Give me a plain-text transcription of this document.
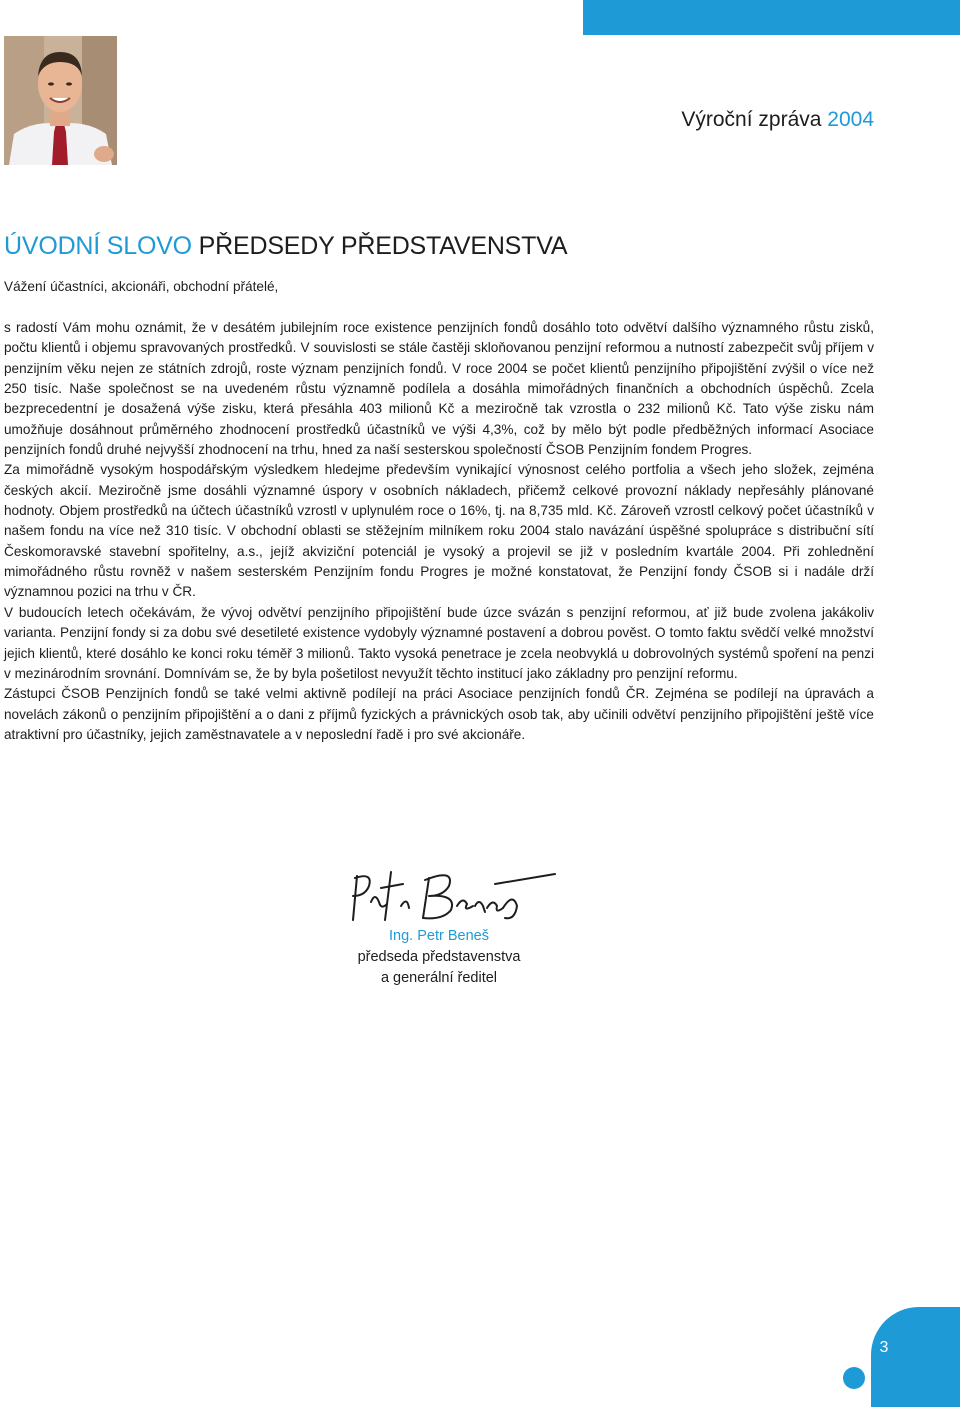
Výroční zpráva 2004
ÚVODNÍ SLOVO PŘEDSEDY PŘEDSTAVENSTVA
Vážení účastníci, akcionáři, obchodní přátelé,

s radostí Vám mohu oznámit, že v desátém jubilejním roce existence penzijních fondů dosáhlo toto odvětví dalšího významného růstu zisků, počtu klientů i objemu spravovaných prostředků. V souvislosti se stále častěji skloňovanou penzijní reformou a nutností zabezpečit svůj příjem v penzijním věku nejen ze státních zdrojů, roste význam penzijních fondů. V roce 2004 se počet klientů penzijního připojištění zvýšil o více než 250 tisíc. Naše společnost se na uvedeném růstu významně podílela a dosáhla mimořádných finančních a obchodních úspěchů. Zcela bezprecedentní je dosažená výše zisku, která přesáhla 403 milionů Kč a meziročně tak vzrostla o 232 milionů Kč. Tato výše zisku nám umožňuje dosáhnout průměrného zhodnocení prostředků účastníků ve výši 4,3%, což by mělo být podle předběžných informací Asociace penzijních fondů druhé nejvyšší zhodnocení na trhu, hned za naší sesterskou společností ČSOB Penzijním fondem Progres.

Za mimořádně vysokým hospodářským výsledkem hledejme především vynikající výnosnost celého portfolia a všech jeho složek, zejména českých akcií. Meziročně jsme dosáhli významné úspory v osobních nákladech, přičemž celkové provozní náklady nepřesáhly plánované hodnoty. Objem prostředků na účtech účastníků vzrostl v uplynulém roce o 16%, tj. na 8,735 mld. Kč. Zároveň vzrostl celkový počet účastníků v našem fondu na více než 310 tisíc. V obchodní oblasti se stěžejním milníkem roku 2004 stalo navázání úspěšné spolupráce s distribuční sítí Českomoravské stavební spořitelny, a.s., jejíž akviziční potenciál je vysoký a projevil se již v posledním kvartále 2004. Při zohlednění mimořádného růstu rovněž v našem sesterském Penzijním fondu Progres je možné konstatovat, že Penzijní fondy ČSOB si i nadále drží významnou pozici na trhu v ČR.

V budoucích letech očekávám, že vývoj odvětví penzijního připojištění bude úzce svázán s penzijní reformou, ať již bude zvolena jakákoliv varianta. Penzijní fondy si za dobu své desetileté existence vydobyly významné postavení a dobrou pověst. O tomto faktu svědčí velké množství jejich klientů, které dosáhlo ke konci roku téměř 3 milionů. Takto vysoká penetrace je zcela neobvyklá u dobrovolných systémů spoření na penzi v mezinárodním srovnání. Domnívám se, že by byla pošetilost nevyužít těchto institucí jako základny pro penzijní reformu.

Zástupci ČSOB Penzijních fondů se také velmi aktivně podílejí na práci Asociace penzijních fondů ČR. Zejména se podílejí na úpravách a novelách zákonů o penzijním připojištění a o dani z příjmů fyzických a právnických osob tak, aby učinili odvětví penzijního připojištění ještě více atraktivní pro účastníky, jejich zaměstnavatele a v neposlední řadě i pro své akcionáře.

Ing. Petr Beneš
předseda představenstva
a generální ředitel
3
